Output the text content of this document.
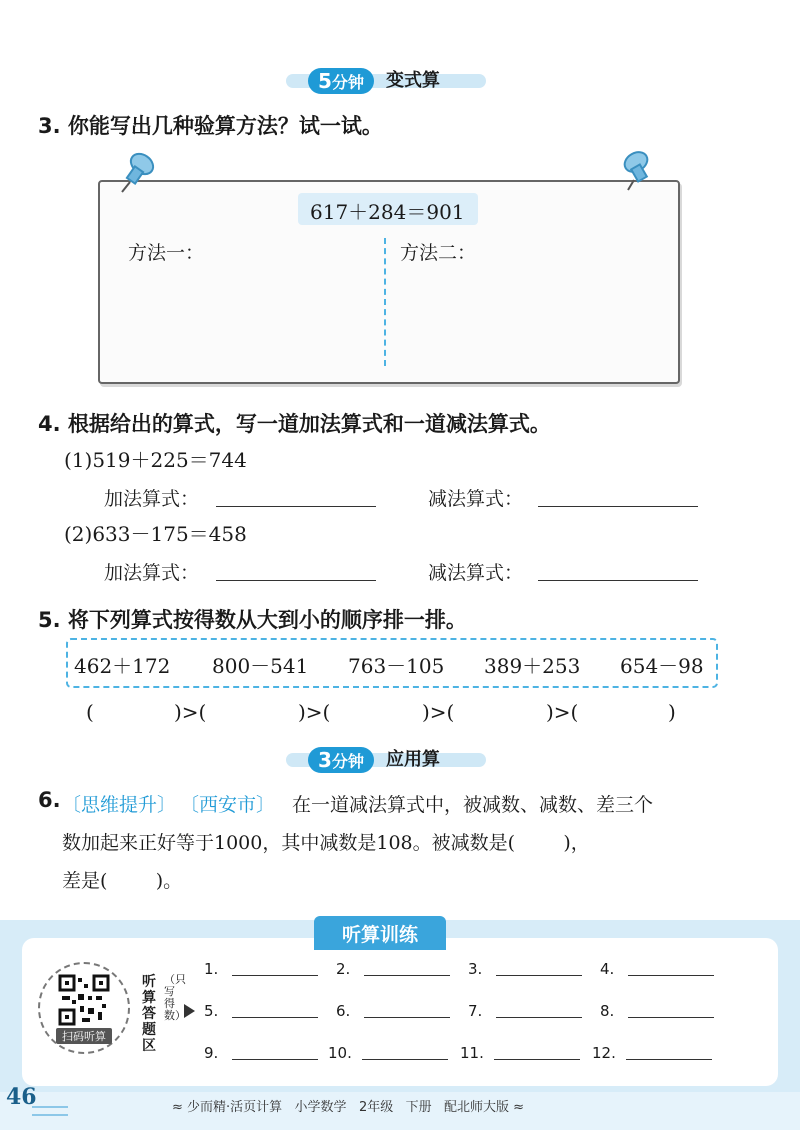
5分钟	变式算
3. 你能写出几种验算方法？试一试。
617＋284＝901
方法一：	方法二：
4. 根据给出的算式，写一道加法算式和一道减法算式。
(1)519＋225＝744
加法算式：	减法算式：
(2)633－175＝458
加法算式：	减法算式：
5. 将下列算式按得数从大到小的顺序排一排。
462＋172 800－541 763－105 389＋253 654－98
(	)>(	)>(	)>(	)>(	)
3分钟	应用算
6. 〔思维提升〕 〔西安市〕 在一道减法算式中，被减数、减数、差三个
数加起来正好等于1000，其中减数是108。被减数是(        )，
差是(        )。
听算训练
扫码听算
听算答题区
（只写得数）
1.	2.	3.	4.
5.	6.	7.	8.
9.	10.	11.	12.
46	≈ 少而精·活页计算   小学数学   2年级   下册   配北师大版 ≈
